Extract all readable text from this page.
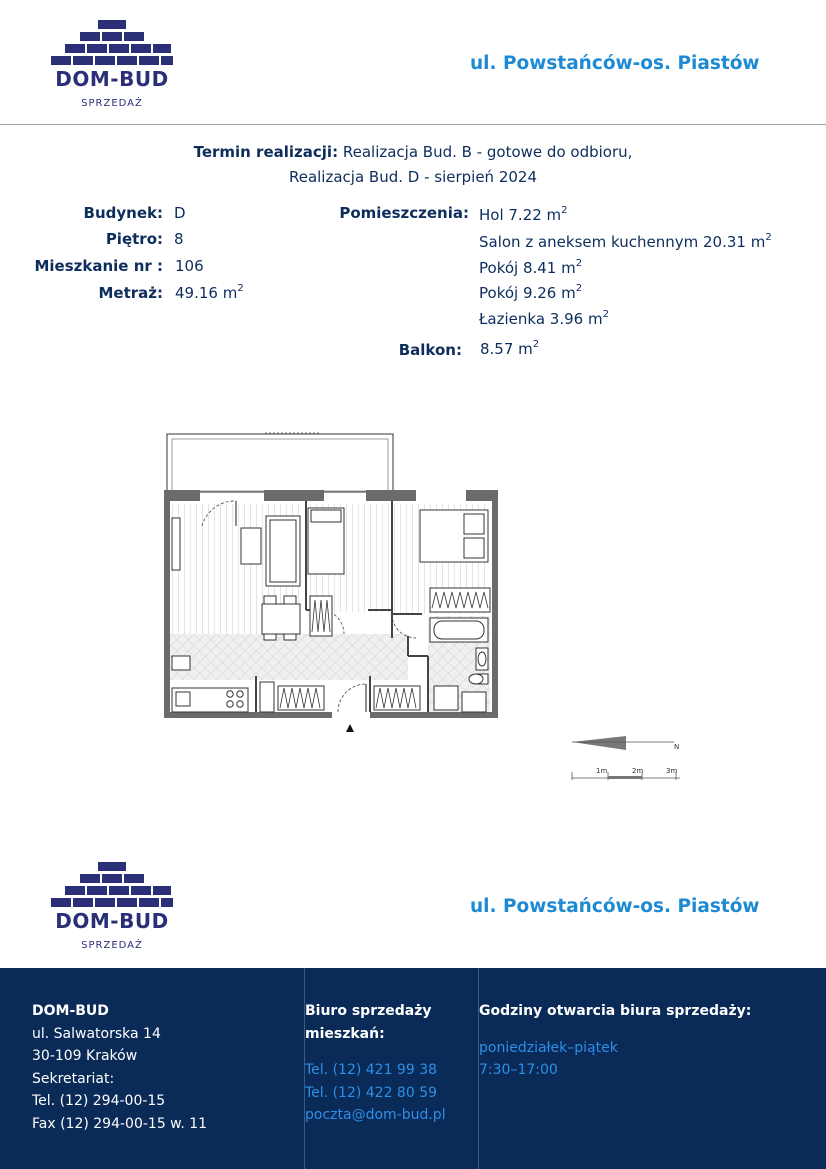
DOM-BUD
SPRZEDAŻ
ul. Powstańców-os. Piastów
Termin realizacji: Realizacja Bud. B - gotowe do odbioru,
Realizacja Bud. D - sierpień 2024
Budynek: D
Piętro: 8
Mieszkanie nr : 106
Metraż: 49.16 $m^2$
Pomieszczenia: Hol 7.22 $m^2$
Salon z aneksem kuchennym 20.31 $m^2$
Pokój 8.41 $m^2$
Pokój 9.26 $m^2$
Łazienka 3.96 $m^2$
Balkon: 8.57 $m^2$
N
1m	2m	3m
DOM-BUD
SPRZEDAŻ
ul. Powstańców-os. Piastów
DOM-BUD
ul. Salwatorska 14
30-109 Kraków
Sekretariat:
Tel. (12) 294-00-15
Fax (12) 294-00-15 w. 11
Biuro sprzedaży
mieszkań:
Tel. (12) 421 99 38
Tel. (12) 422 80 59
poczta@dom-bud.pl
Godziny otwarcia biura sprzedaży:
poniedziałek–piątek
7:30–17:00
